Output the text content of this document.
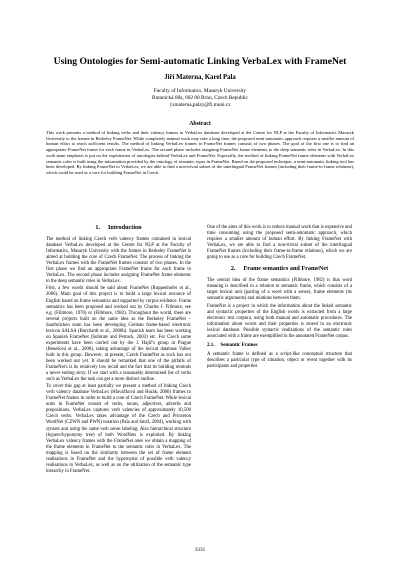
Using Ontologies for Semi-automatic Linking VerbaLex with FrameNet
Jiří Materna, Karel Pala
Faculty of Informatics, Masaryk University
Botanická 68a, 602 00 Brno, Czech Republic
{xmaterna,pala}@fi.muni.cz
Abstract
This work presents a method of linking verbs and their valency frames in VerbaLex database developed at the Centre for NLP at the Faculty of Informatics Masaryk University to the frames in Berkeley FrameNet. While completely manual work may take a long time, the proposed semi-automatic approach requires a smaller amount of human effort to reach sufficient results. The method of linking VerbaLex frames to FrameNet frames consists of two phases. The goal of the first one is to find an appropriate FrameNet frame for each frame in VerbaLex. The second phase includes assigning FrameNet frame elements to the deep semantic roles in VerbaLex. In this work main emphasis is put on the exploitation of ontologies behind VerbaLex and FrameNet. Especially, the method of linking FrameNet frame elements with VerbaLex semantic roles is built using the information provided by the ontology of semantic types in FrameNet. Based on the proposed technique, a semi-automatic linking tool has been developed. By linking FrameNet to VerbaLex, we are able to find a non-trivial subset of the interlingual FrameNet frames (including their frame-to-frame relations), which could be used as a core for building FrameNet in Czech.
1. Introduction

The method of linking Czech verb valency frames contained in lexical database VerbaLex developed at the Centre for NLP at the Faculty of Informatics, Masaryk University with the frames in Berkeley FrameNet is aimed at building the core of Czech FrameNet. The process of linking the VerbaLex frames with the FrameNet frames consists of two phases. In the first phase we find an appropriate FrameNet frame for each frame in VerbaLex. The second phase includes assigning FrameNet frame elements to the deep semantic roles in VerbaLex.

First, a few words should be said about FrameNet (Ruppenhofer et al., 2006). Main goal of this project is to build a large lexical resource of English based on frame semantics and supported by corpus evidence. Frame semantics has been proposed and worked out by Charles J. Fillmore, see e.g. (Fillmore, 1976) or (Fillmore, 1982). Throughout the world, there are several projects built on the same idea as the Berkeley FrameNet – Saarbrücken team has been developing German frame-based electronic lexicon SALSA (Burchardt et al., 2006b). Spanish team has been working on Spanish FrameNet (Subirats and Petruck, 2003) etc. For Czech some experiments have been carried out by the J. Hajič's group in Prague (Benešová et al., 2008), taking advantage of the lexical database Vallex built in this group. However, at present, Czech FrameNet as such has not been worked out yet. It should be remarked that one of the pitfalls of FrameNet's is its relatively low recall and the fact that its building reminds a never ending story. If we start with a reasonably determined list of verbs such as VerbaLex the task can get a more distinct outline.

To cover this gap at least partially we present a method of linking Czech verb valency database VerbaLex (Hlaváčková and Horák, 2006) frames to FrameNet frames in order to build a core of Czech FrameNet. While lexical units in FrameNet consist of verbs, nouns, adjectives, adverbs and prepositions, VerbaLex captures verb valencies of approximately 10,500 Czech verbs. VerbaLex takes advantage of the Czech and Princeton WordNet (CZWN and PWN) notation (Pala and Smrž, 2004), working with synsets and using the same verb sense labeling. Also hierarchical structure (hypero/hyponymy tree) of both WordNets is exploited. By linking VerbaLex valency frames with the FrameNet ones we obtain a mapping of the frame elements in FrameNet to the semantic roles in VerbaLex. The mapping is based on the similarity between the set of frame element realisations in FrameNet and the hypernyms of possible verb valency realisations in VerbaLex, as well as on the utilization of the semantic type hierarchy in FrameNet.

One of the aims of this work is to reduce manual work that is expensive and time consuming using the proposed semi-automatic approach, which requires a smaller amount of human effort. By linking FrameNet with VerbaLex, we are able to find a non-trivial subset of the interlingual FrameNet frames (including their frame-to-frame relations), which we are going to use as a core for building Czech FrameNet.

2. Frame semantics and FrameNet

The central idea of the frame semantics (Fillmore, 1982) is that word meaning is described in a relation to semantic frame, which consists of a target lexical unit (pairing of a word with a sense), frame elements (its semantic arguments) and relations between them.

FrameNet is a project in which the information about the linked semantic and syntactic properties of the English words is extracted from a large electronic text corpora, using both manual and automatic procedures. The information about words and their properties is stored in an electronic lexical database. Possible syntactic realizations of the semantic roles associated with a frame are exemplified in the annotated FrameNet corpus.

2.1. Semantic Frames

A semantic frame is defined as a script-like conceptual structure that describes a particular type of situation, object or event together with its participants and properties

3331
